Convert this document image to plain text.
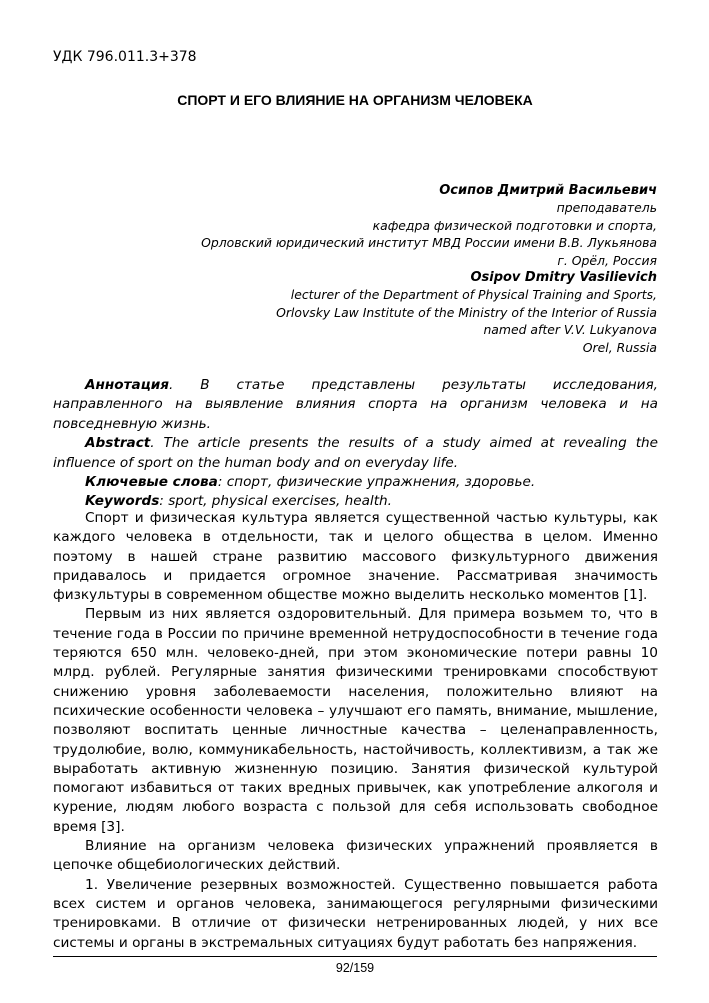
УДК 796.011.3+378
СПОРТ И ЕГО ВЛИЯНИЕ НА ОРГАНИЗМ ЧЕЛОВЕКА
Осипов Дмитрий Васильевич
преподаватель
кафедра физической подготовки и спорта,
Орловский юридический институт МВД России имени В.В. Лукьянова
г. Орёл, Россия
Osipov Dmitry Vasilievich
lecturer of the Department of Physical Training and Sports,
Orlovsky Law Institute of the Ministry of the Interior of Russia
named after V.V. Lukyanova
Orel, Russia

Аннотация. В статье представлены результаты исследования, направленного на выявление влияния спорта на организм человека и на повседневную жизнь.

Abstract. The article presents the results of a study aimed at revealing the influence of sport on the human body and on everyday life.

Ключевые слова: спорт, физические упражнения, здоровье.

Keywords: sport, physical exercises, health.

Спорт и физическая культура является существенной частью культуры, как каждого человека в отдельности, так и целого общества в целом. Именно поэтому в нашей стране развитию массового физкультурного движения придавалось и придается огромное значение. Рассматривая значимость физкультуры в современном обществе можно выделить несколько моментов [1].

Первым из них является оздоровительный. Для примера возьмем то, что в течение года в России по причине временной нетрудоспособности в течение года теряются 650 млн. человеко-дней, при этом экономические потери равны 10 млрд. рублей. Регулярные занятия физическими тренировками способствуют снижению уровня заболеваемости населения, положительно влияют на психические особенности человека – улучшают его память, внимание, мышление, позволяют воспитать ценные личностные качества – целенаправленность, трудолюбие, волю, коммуникабельность, настойчивость, коллективизм, а так же выработать активную жизненную позицию. Занятия физической культурой помогают избавиться от таких вредных привычек, как употребление алкоголя и курение, людям любого возраста с пользой для себя использовать свободное время [3].

Влияние на организм человека физических упражнений проявляется в цепочке общебиологических действий.

1. Увеличение резервных возможностей. Существенно повышается работа всех систем и органов человека, занимающегося регулярными физическими тренировками. В отличие от физически нетренированных людей, у них все системы и органы в экстремальных ситуациях будут работать без напряжения.

92/159
